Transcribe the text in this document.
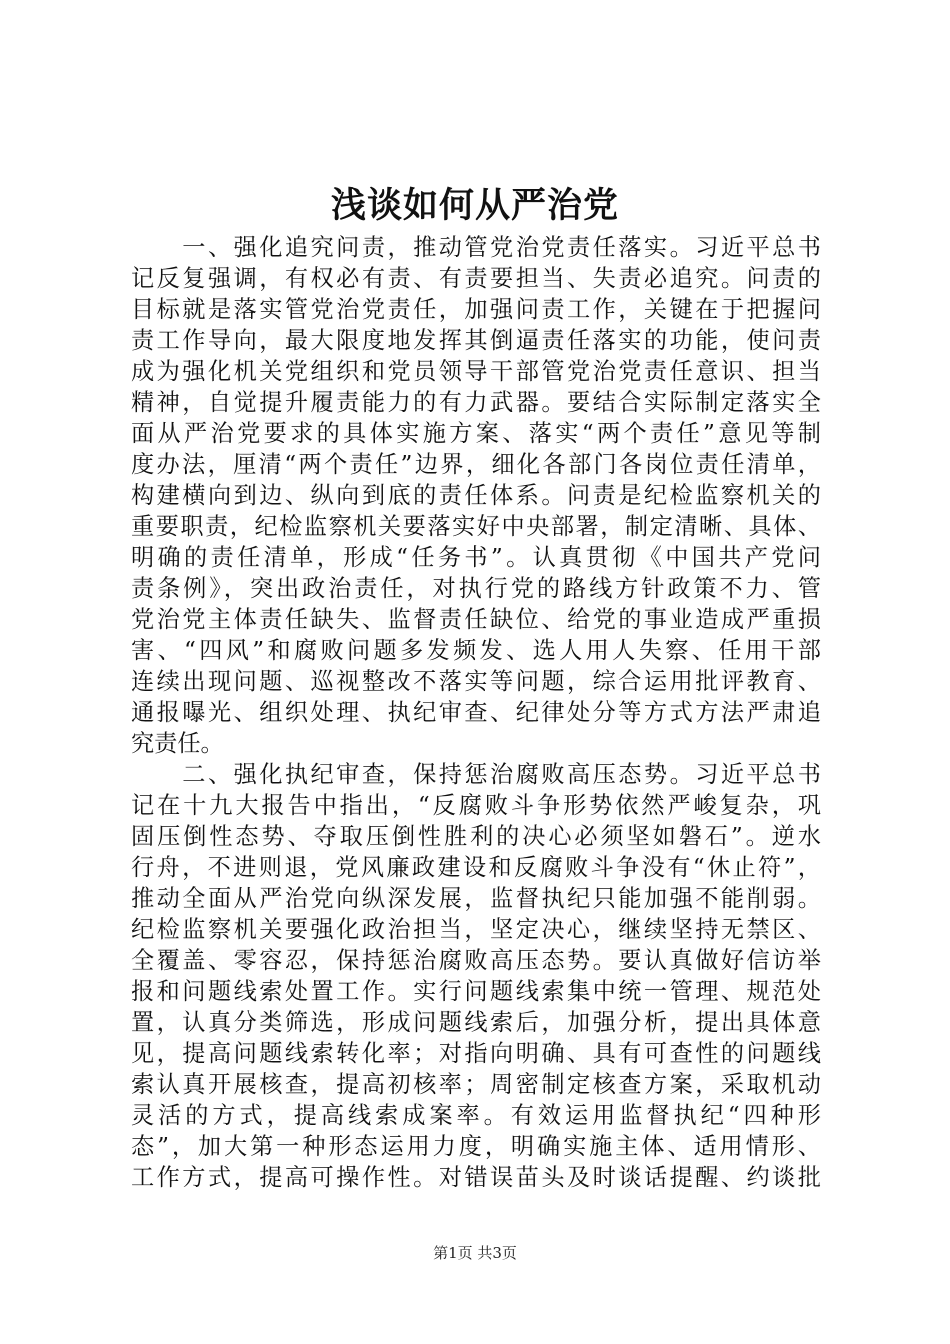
浅谈如何从严治党
　　一、强化追究问责，推动管党治党责任落实。习近平总书
记反复强调，有权必有责、有责要担当、失责必追究。问责的
目标就是落实管党治党责任，加强问责工作，关键在于把握问
责工作导向，最大限度地发挥其倒逼责任落实的功能，使问责
成为强化机关党组织和党员领导干部管党治党责任意识、担当
精神，自觉提升履责能力的有力武器。要结合实际制定落实全
面从严治党要求的具体实施方案、落实“两个责任”意见等制
度办法，厘清“两个责任”边界，细化各部门各岗位责任清单，
构建横向到边、纵向到底的责任体系。问责是纪检监察机关的
重要职责，纪检监察机关要落实好中央部署，制定清晰、具体、
明确的责任清单，形成“任务书”。认真贯彻《中国共产党问
责条例》，突出政治责任，对执行党的路线方针政策不力、管
党治党主体责任缺失、监督责任缺位、给党的事业造成严重损
害、“四风”和腐败问题多发频发、选人用人失察、任用干部
连续出现问题、巡视整改不落实等问题，综合运用批评教育、
通报曝光、组织处理、执纪审查、纪律处分等方式方法严肃追
究责任。
　　二、强化执纪审查，保持惩治腐败高压态势。习近平总书
记在十九大报告中指出，“反腐败斗争形势依然严峻复杂，巩
固压倒性态势、夺取压倒性胜利的决心必须坚如磐石”。逆水
行舟，不进则退，党风廉政建设和反腐败斗争没有“休止符”，
推动全面从严治党向纵深发展，监督执纪只能加强不能削弱。
纪检监察机关要强化政治担当，坚定决心，继续坚持无禁区、
全覆盖、零容忍，保持惩治腐败高压态势。要认真做好信访举
报和问题线索处置工作。实行问题线索集中统一管理、规范处
置，认真分类筛选，形成问题线索后，加强分析，提出具体意
见，提高问题线索转化率；对指向明确、具有可查性的问题线
索认真开展核查，提高初核率；周密制定核查方案，采取机动
灵活的方式，提高线索成案率。有效运用监督执纪“四种形
态”，加大第一种形态运用力度，明确实施主体、适用情形、
工作方式，提高可操作性。对错误苗头及时谈话提醒、约谈批
第1页 共3页
